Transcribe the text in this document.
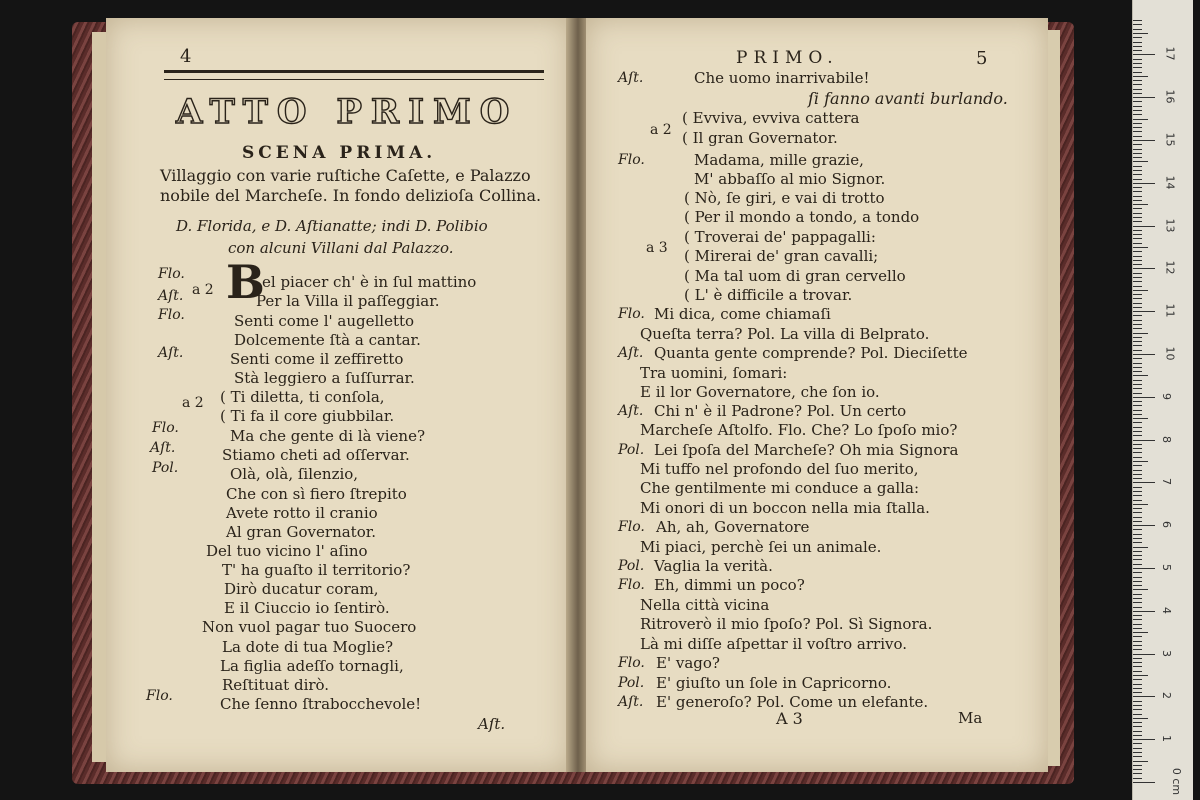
4
ATTO PRIMO
SCENA PRIMA.
Villaggio con varie ruſtiche Caſette, e Palazzo
nobile del Marcheſe. In fondo delizioſa Collina.
D. Florida, e D. Aſtianatte; indi D. Polibio
con alcuni Villani dal Palazzo.
B
Aſt.
PRIMO.	5
A 3	Ma
0 cm
1
2
3
4
5
6
7
8
9
10
11
12
13
14
15
16
17
el piacer ch' è in ſul mattino
Per la Villa il paſſeggiar.
Senti come l' augelletto
Dolcemente ſtà a cantar.
Senti come il zeffiretto
Stà leggiero a ſuſſurrar.
( Ti diletta, ti conſola,
( Ti fa il core giubbilar.
Ma che gente di là viene?
Stiamo cheti ad oſſervar.
Olà, olà, ſilenzio,
Che con sì fiero ſtrepito
Avete rotto il cranio
Al gran Governator.
Del tuo vicino l' aſino
T' ha guaſto il territorio?
Dirò ducatur coram,
E il Ciuccio io ſentirò.
Non vuol pagar tuo Suocero
La dote di tua Moglie?
La figlia adeſſo tornagli,
Reſtituat dirò.
Che ſenno ſtrabocchevole!
Flo.
Aſt.
Flo.
Aſt.
Flo.
Aſt.
Pol.
Flo.
a 2
a 2
Che uomo inarrivabile!
Aſt.
ſi fanno avanti burlando.
( Evviva, evviva cattera
( Il gran Governator.
Madama, mille grazie,
Flo.
M' abbaſſo al mio Signor.
( Nò, ſe giri, e vai di trotto
( Per il mondo a tondo, a tondo
( Troverai de' pappagalli:
( Mirerai de' gran cavalli;
( Ma tal uom di gran cervello
( L' è difficile a trovar.
Mi dica, come chiamaſi
Flo.
Queſta terra? Pol. La villa di Belprato.
Quanta gente comprende? Pol. Dieciſette
Aſt.
Tra uomini, ſomari:
E il lor Governatore, che ſon io.
Chi n' è il Padrone? Pol. Un certo
Aſt.
Marcheſe Aſtolfo. Flo. Che? Lo ſpoſo mio?
Lei ſpoſa del Marcheſe? Oh mia Signora
Pol.
Mi tuffo nel profondo del ſuo merito,
Che gentilmente mi conduce a galla:
Mi onori di un boccon nella mia ſtalla.
Ah, ah, Governatore
Flo.
Mi piaci, perchè ſei un animale.
Vaglia la verità.
Pol.
Eh, dimmi un poco?
Flo.
Nella città vicina
Ritroverò il mio ſpoſo? Pol. Sì Signora.
Là mi diſſe aſpettar il voſtro arrivo.
E' vago?
Flo.
E' giuſto un ſole in Capricorno.
Pol.
E' generoſo? Pol. Come un elefante.
Aſt.
a 2
a 3
